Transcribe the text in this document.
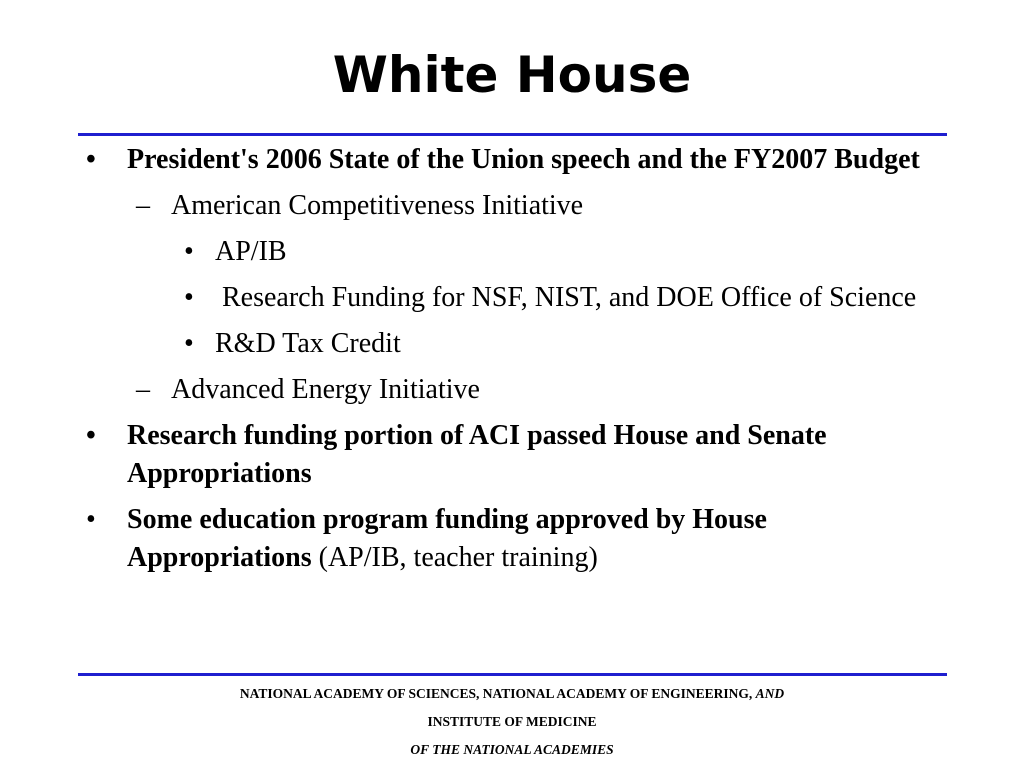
White House
• President's 2006 State of the Union speech and the FY2007 Budget
– American Competitiveness Initiative
• AP/IB
• Research Funding for NSF, NIST, and DOE Office of Science
• R&D Tax Credit
– Advanced Energy Initiative
• Research funding portion of ACI passed House and Senate Appropriations
• Some education program funding approved by House Appropriations (AP/IB, teacher training)
NATIONAL ACADEMY OF SCIENCES, NATIONAL ACADEMY OF ENGINEERING, AND
INSTITUTE OF MEDICINE
OF THE NATIONAL ACADEMIES
